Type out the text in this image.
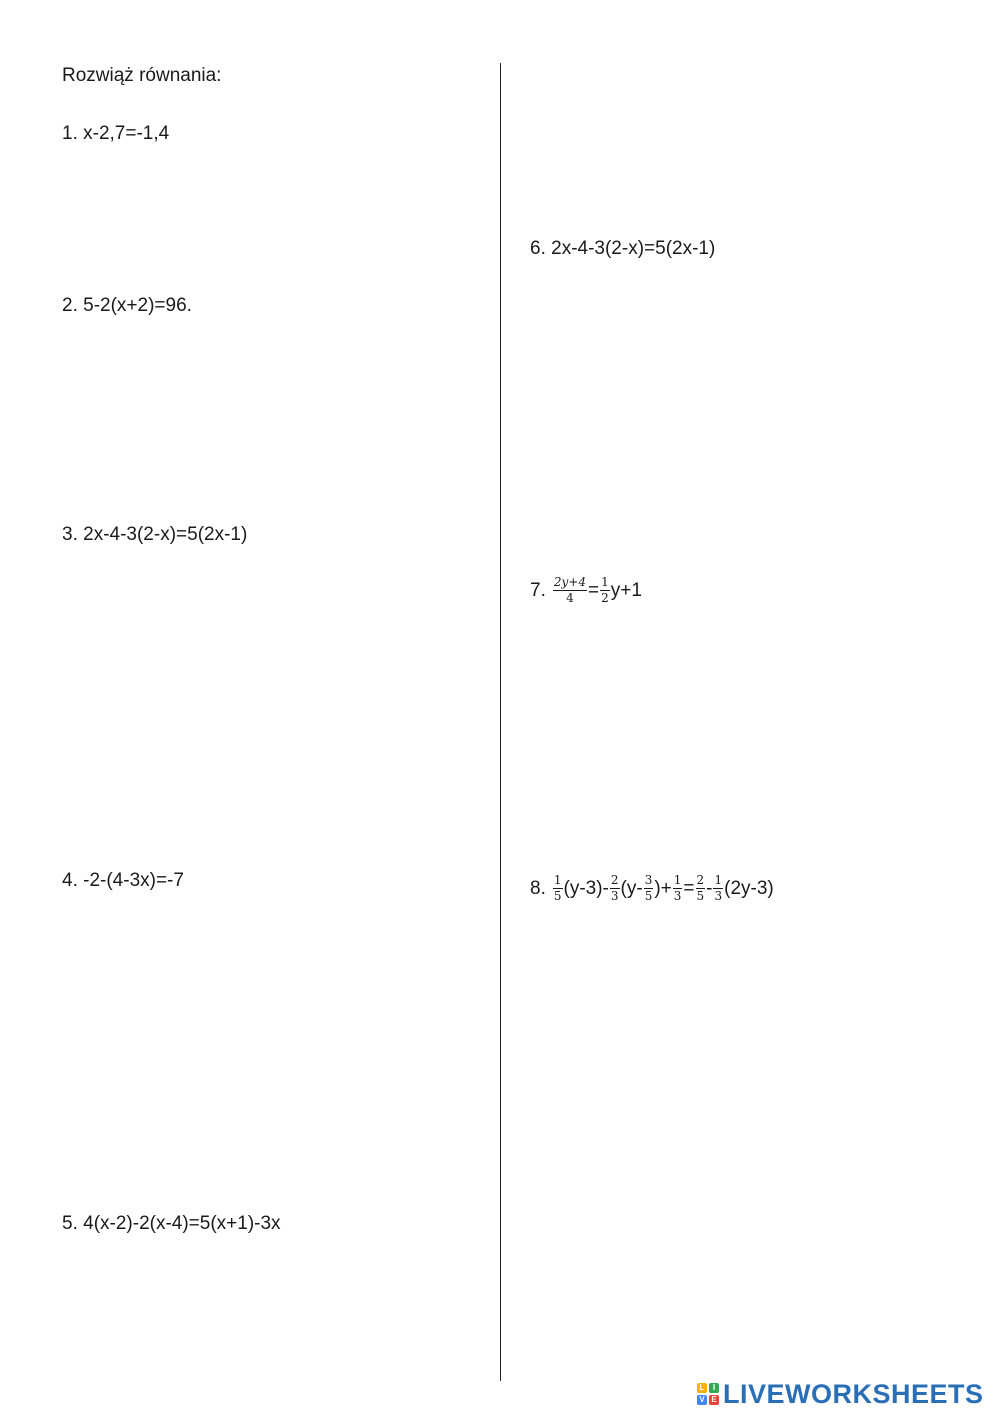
Rozwiąż równania:
1. x-2,7=-1,4
2. 5-2(x+2)=96.
3. 2x-4-3(2-x)=5(2x-1)
4. -2-(4-3x)=-7
5. 4(x-2)-2(x-4)=5(x+1)-3x
6. 2x-4-3(2-x)=5(2x-1)
7. $\frac{2y+4}{4} = \frac{1}{2} y+1$
8. $\frac{1}{5} (y-3)- \frac{2}{3} (y- \frac{3}{5}$ )+ $\frac{1}{3} = \frac{2}{5} - \frac{1}{3} (2y-3)$
L	I
V E LIVEWORKSHEETS
